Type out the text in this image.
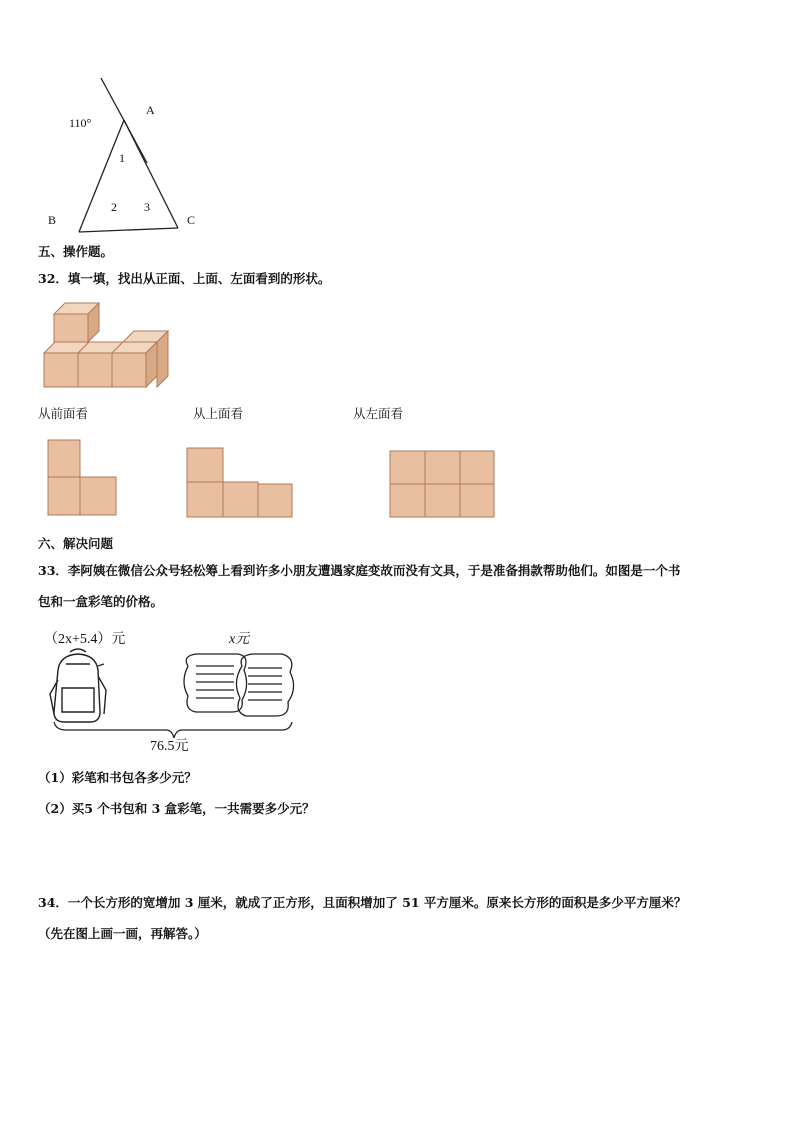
110°
A
B	C
1
2 3
五、操作题。
32．填一填，找出从正面、上面、左面看到的形状。
从前面看	从上面看	从左面看
六、解决问题
33．李阿姨在微信公众号轻松筹上看到许多小朋友遭遇家庭变故而没有文具，于是准备捐款帮助他们。如图是一个书
包和一盒彩笔的价格。
（2x+5.4）元	x元
76.5元
（1）彩笔和书包各多少元？
（2）买5 个书包和 3 盒彩笔，一共需要多少元？
34．一个长方形的宽增加 3 厘米，就成了正方形，且面积增加了 51 平方厘米。原来长方形的面积是多少平方厘米？
（先在图上画一画，再解答。）
